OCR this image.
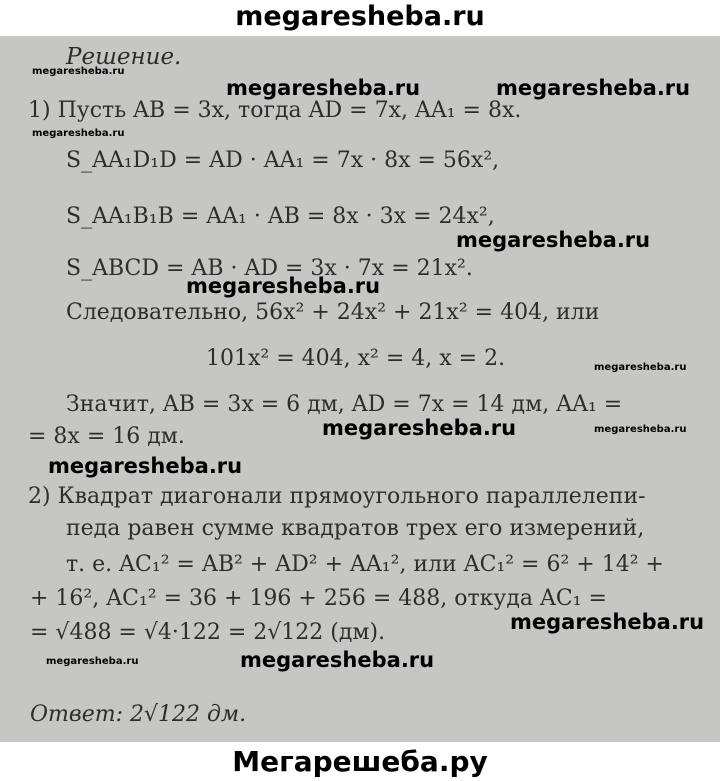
megaresheba.ru
Решение.
1) Пусть AB = 3x, тогда AD = 7x, AA₁ = 8x.
S_AA₁D₁D = AD · AA₁ = 7x · 8x = 56x²,
S_AA₁B₁B = AA₁ · AB = 8x · 3x = 24x²,
S_ABCD = AB · AD = 3x · 7x = 21x².
Следовательно, 56x² + 24x² + 21x² = 404, или
101x² = 404, x² = 4, x = 2.
Значит, AB = 3x = 6 дм, AD = 7x = 14 дм, AA₁ =
= 8x = 16 дм.
2) Квадрат диагонали прямоугольного параллелепи-
педа равен сумме квадратов трех его измерений,
т. е. AC₁² = AB² + AD² + AA₁², или AC₁² = 6² + 14² +
+ 16², AC₁² = 36 + 196 + 256 = 488, откуда AC₁ =
= √488 = √4·122 = 2√122 (дм).
Ответ: 2√122 дм.
megaresheba.ru
megaresheba.ru	megaresheba.ru
megaresheba.ru
megaresheba.ru
megaresheba.ru
megaresheba.ru
megaresheba.ru	megaresheba.ru
megaresheba.ru
megaresheba.ru
megaresheba.ru	megaresheba.ru
Мегарешеба.ру
